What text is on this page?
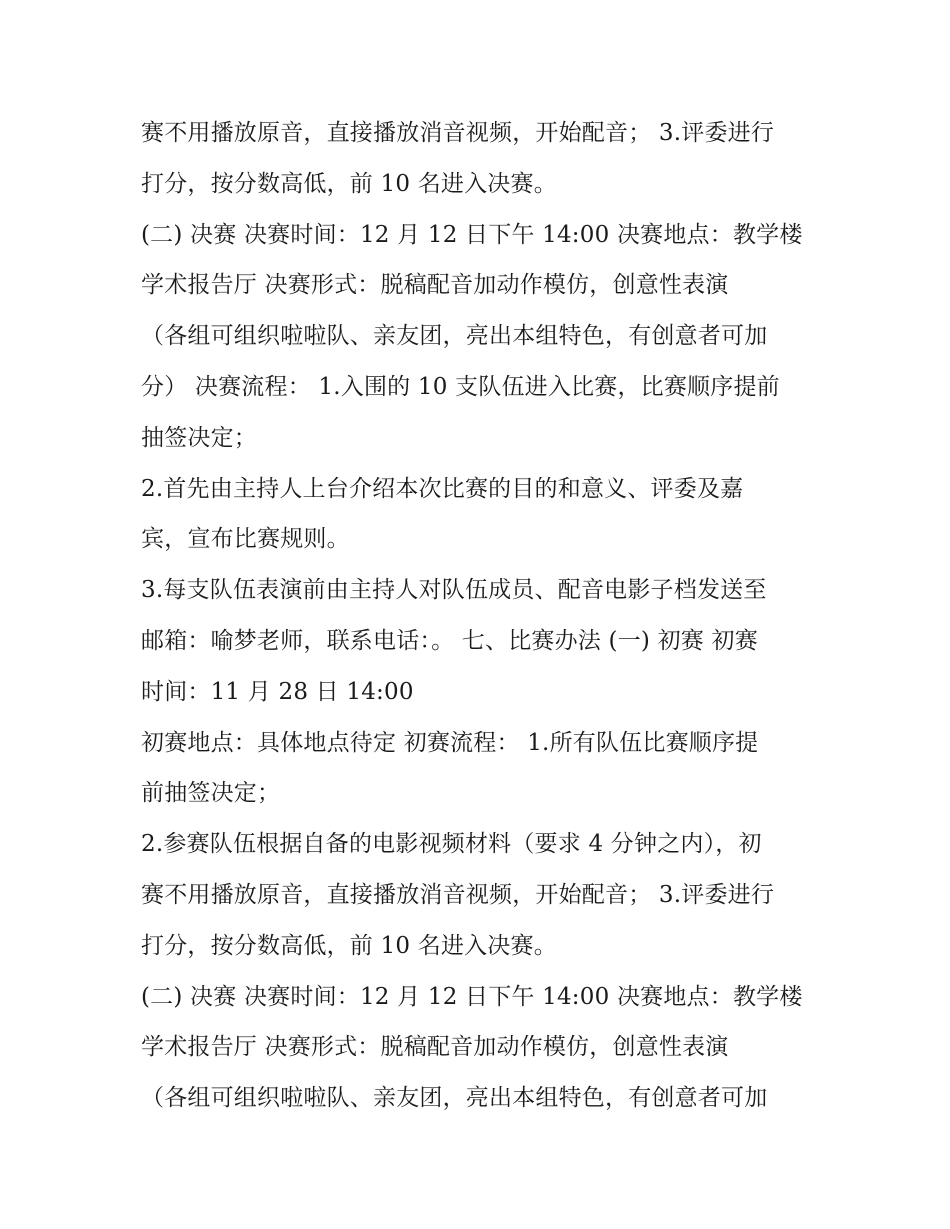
赛不用播放原音，直接播放消音视频，开始配音； 3.评委进行
打分，按分数高低，前 10 名进入决赛。
(二) 决赛 决赛时间：12 月 12 日下午 14:00 决赛地点：教学楼
学术报告厅 决赛形式：脱稿配音加动作模仿，创意性表演
（各组可组织啦啦队、亲友团，亮出本组特色，有创意者可加
分） 决赛流程： 1.入围的 10 支队伍进入比赛，比赛顺序提前
抽签决定；
2.首先由主持人上台介绍本次比赛的目的和意义、评委及嘉
宾，宣布比赛规则。
3.每支队伍表演前由主持人对队伍成员、配音电影子档发送至
邮箱：喻梦老师，联系电话：。 七、比赛办法 (一) 初赛 初赛
时间：11 月 28 日 14:00
初赛地点：具体地点待定 初赛流程： 1.所有队伍比赛顺序提
前抽签决定；
2.参赛队伍根据自备的电影视频材料（要求 4 分钟之内），初
赛不用播放原音，直接播放消音视频，开始配音； 3.评委进行
打分，按分数高低，前 10 名进入决赛。
(二) 决赛 决赛时间：12 月 12 日下午 14:00 决赛地点：教学楼
学术报告厅 决赛形式：脱稿配音加动作模仿，创意性表演
（各组可组织啦啦队、亲友团，亮出本组特色，有创意者可加
